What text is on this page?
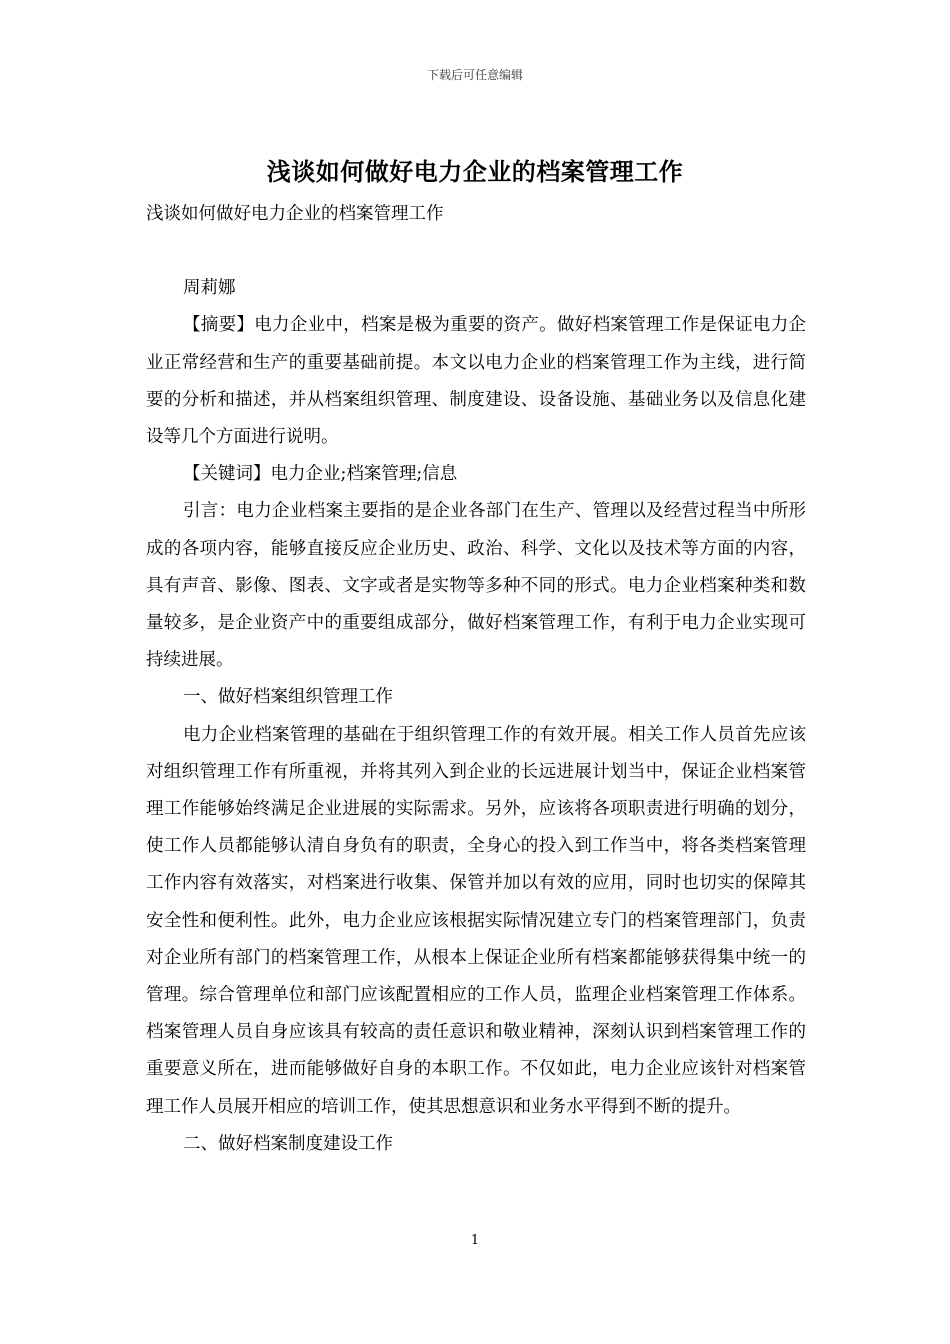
下载后可任意编辑
浅谈如何做好电力企业的档案管理工作

浅谈如何做好电力企业的档案管理工作

周莉娜

【摘要】电力企业中，档案是极为重要的资产。做好档案管理工作是保证电力企业正常经营和生产的重要基础前提。本文以电力企业的档案管理工作为主线，进行简要的分析和描述，并从档案组织管理、制度建设、设备设施、基础业务以及信息化建设等几个方面进行说明。

【关键词】电力企业;档案管理;信息

引言：电力企业档案主要指的是企业各部门在生产、管理以及经营过程当中所形成的各项内容，能够直接反应企业历史、政治、科学、文化以及技术等方面的内容，具有声音、影像、图表、文字或者是实物等多种不同的形式。电力企业档案种类和数量较多，是企业资产中的重要组成部分，做好档案管理工作，有利于电力企业实现可持续进展。

一、做好档案组织管理工作

电力企业档案管理的基础在于组织管理工作的有效开展。相关工作人员首先应该对组织管理工作有所重视，并将其列入到企业的长远进展计划当中，保证企业档案管理工作能够始终满足企业进展的实际需求。另外，应该将各项职责进行明确的划分，使工作人员都能够认清自身负有的职责，全身心的投入到工作当中，将各类档案管理工作内容有效落实，对档案进行收集、保管并加以有效的应用，同时也切实的保障其安全性和便利性。此外，电力企业应该根据实际情况建立专门的档案管理部门，负责对企业所有部门的档案管理工作，从根本上保证企业所有档案都能够获得集中统一的管理。综合管理单位和部门应该配置相应的工作人员，监理企业档案管理工作体系。档案管理人员自身应该具有较高的责任意识和敬业精神，深刻认识到档案管理工作的重要意义所在，进而能够做好自身的本职工作。不仅如此，电力企业应该针对档案管理工作人员展开相应的培训工作，使其思想意识和业务水平得到不断的提升。

二、做好档案制度建设工作

1
